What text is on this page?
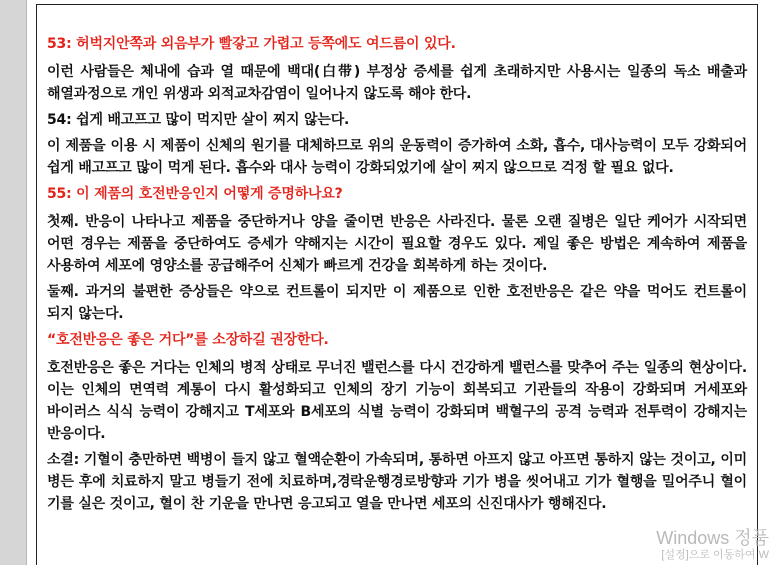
53: 허벅지안쪽과 외음부가 빨갛고 가렵고 등쪽에도 여드름이 있다.

이런 사람들은 체내에 습과 열 때문에 백대(白带) 부정상 증세를 쉽게 초래하지만 사용시는 일종의 독소 배출과 해열과정으로 개인 위생과 외적교차감염이 일어나지 않도록 해야 한다.

54: 쉽게 배고프고 많이 먹지만 살이 찌지 않는다.

이 제품을 이용 시 제품이 신체의 원기를 대체하므로 위의 운동력이 증가하여 소화, 흡수, 대사능력이 모두 강화되어 쉽게 배고프고 많이 먹게 된다. 흡수와 대사 능력이 강화되었기에 살이 찌지 않으므로 걱정 할 필요 없다.

55: 이 제품의 호전반응인지 어떻게 증명하나요?

첫째. 반응이 나타나고 제품을 중단하거나 양을 줄이면 반응은 사라진다. 물론 오랜 질병은 일단 케어가 시작되면 어떤 경우는 제품을 중단하여도 증세가 약해지는 시간이 필요할 경우도 있다. 제일 좋은 방법은 계속하여 제품을 사용하여 세포에 영양소를 공급해주어 신체가 빠르게 건강을 회복하게 하는 것이다.

둘째. 과거의 불편한 증상들은 약으로 컨트롤이 되지만 이 제품으로 인한 호전반응은 같은 약을 먹어도 컨트롤이 되지 않는다.

“호전반응은 좋은 거다”를 소장하길 권장한다.

호전반응은 좋은 거다는 인체의 병적 상태로 무너진 밸런스를 다시 건강하게 밸런스를 맞추어 주는 일종의 현상이다. 이는 인체의 면역력 계통이 다시 활성화되고 인체의 장기 기능이 회복되고 기관들의 작용이 강화되며 거세포와 바이러스 식식 능력이 강해지고 T세포와 B세포의 식별 능력이 강화되며 백혈구의 공격 능력과 전투력이 강해지는 반응이다.

소결: 기혈이 충만하면 백병이 들지 않고 혈액순환이 가속되며, 통하면 아프지 않고 아프면 통하지 않는 것이고, 이미 병든 후에 치료하지 말고 병들기 전에 치료하며,경락운행경로방향과 기가 병을 씻어내고 기가 혈행을 밀어주니 혈이 기를 실은 것이고, 혈이 찬 기운을 만나면 응고되고 열을 만나면 세포의 신진대사가 행해진다.

Windows 정품
[설정]으로 이동하여 W
